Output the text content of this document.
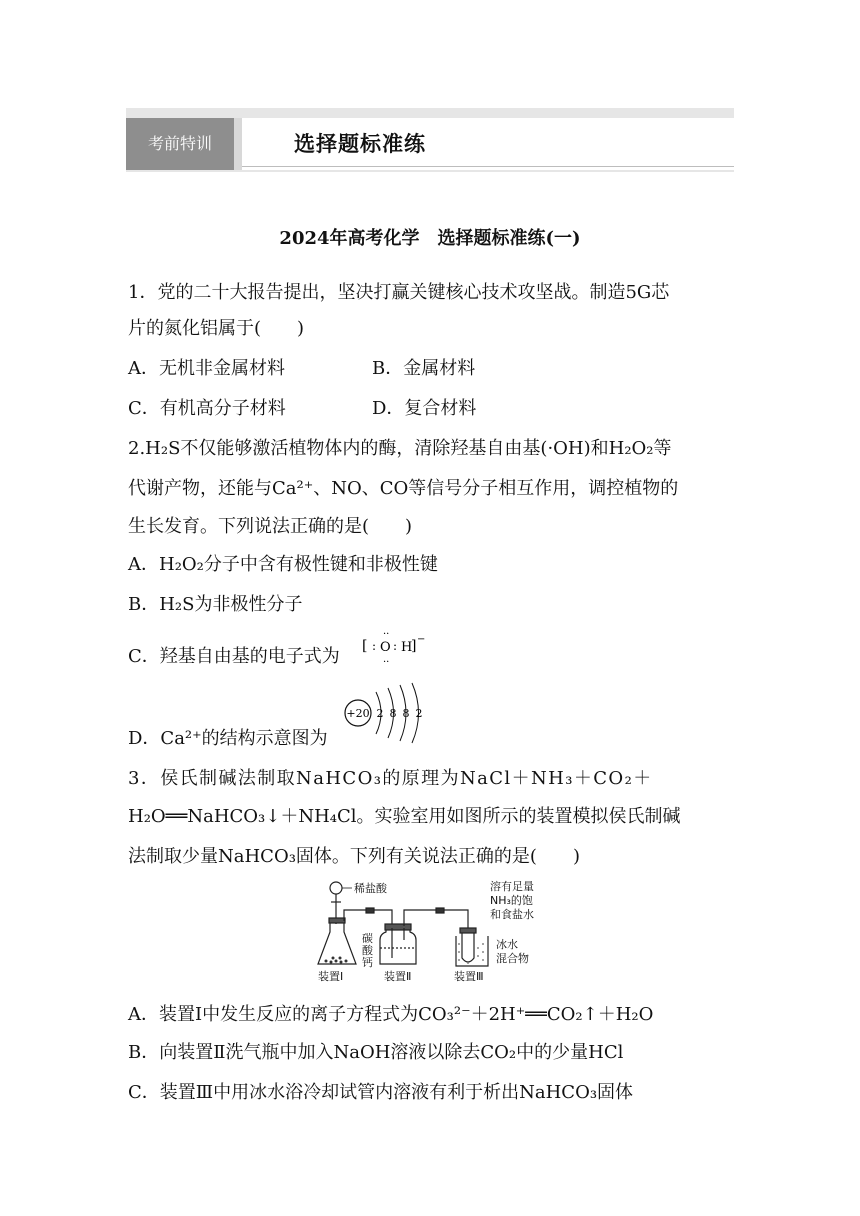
考前特训	选择题标准练
2024年高考化学　选择题标准练(一)
1．党的二十大报告提出，坚决打赢关键核心技术攻坚战。制造5G芯
片的氮化铝属于(　　)
A．无机非金属材料	B．金属材料
C．有机高分子材料	D．复合材料
2.H₂S不仅能够激活植物体内的酶，清除羟基自由基(·OH)和H₂O₂等
代谢产物，还能与Ca²⁺、NO、CO等信号分子相互作用，调控植物的
生长发育。下列说法正确的是(　　)
A．H₂O₂分子中含有极性键和非极性键
B．H₂S为非极性分子
C．羟基自由基的电子式为	[ : O
··
··
: H
] −
D．Ca²⁺的结构示意图为
+20 2 8 8 2
3．侯氏制碱法制取NaHCO₃的原理为NaCl＋NH₃＋CO₂＋
H₂O══NaHCO₃↓＋NH₄Cl。实验室用如图所示的装置模拟侯氏制碱
法制取少量NaHCO₃固体。下列有关说法正确的是(　　)
稀盐酸
碳
酸
钙
溶有足量
NH₃的饱
和食盐水
冰水
混合物
装置Ⅰ	装置Ⅱ	装置Ⅲ
A．装置Ⅰ中发生反应的离子方程式为CO₃²⁻＋2H⁺══CO₂↑＋H₂O
B．向装置Ⅱ洗气瓶中加入NaOH溶液以除去CO₂中的少量HCl
C．装置Ⅲ中用冰水浴冷却试管内溶液有利于析出NaHCO₃固体
